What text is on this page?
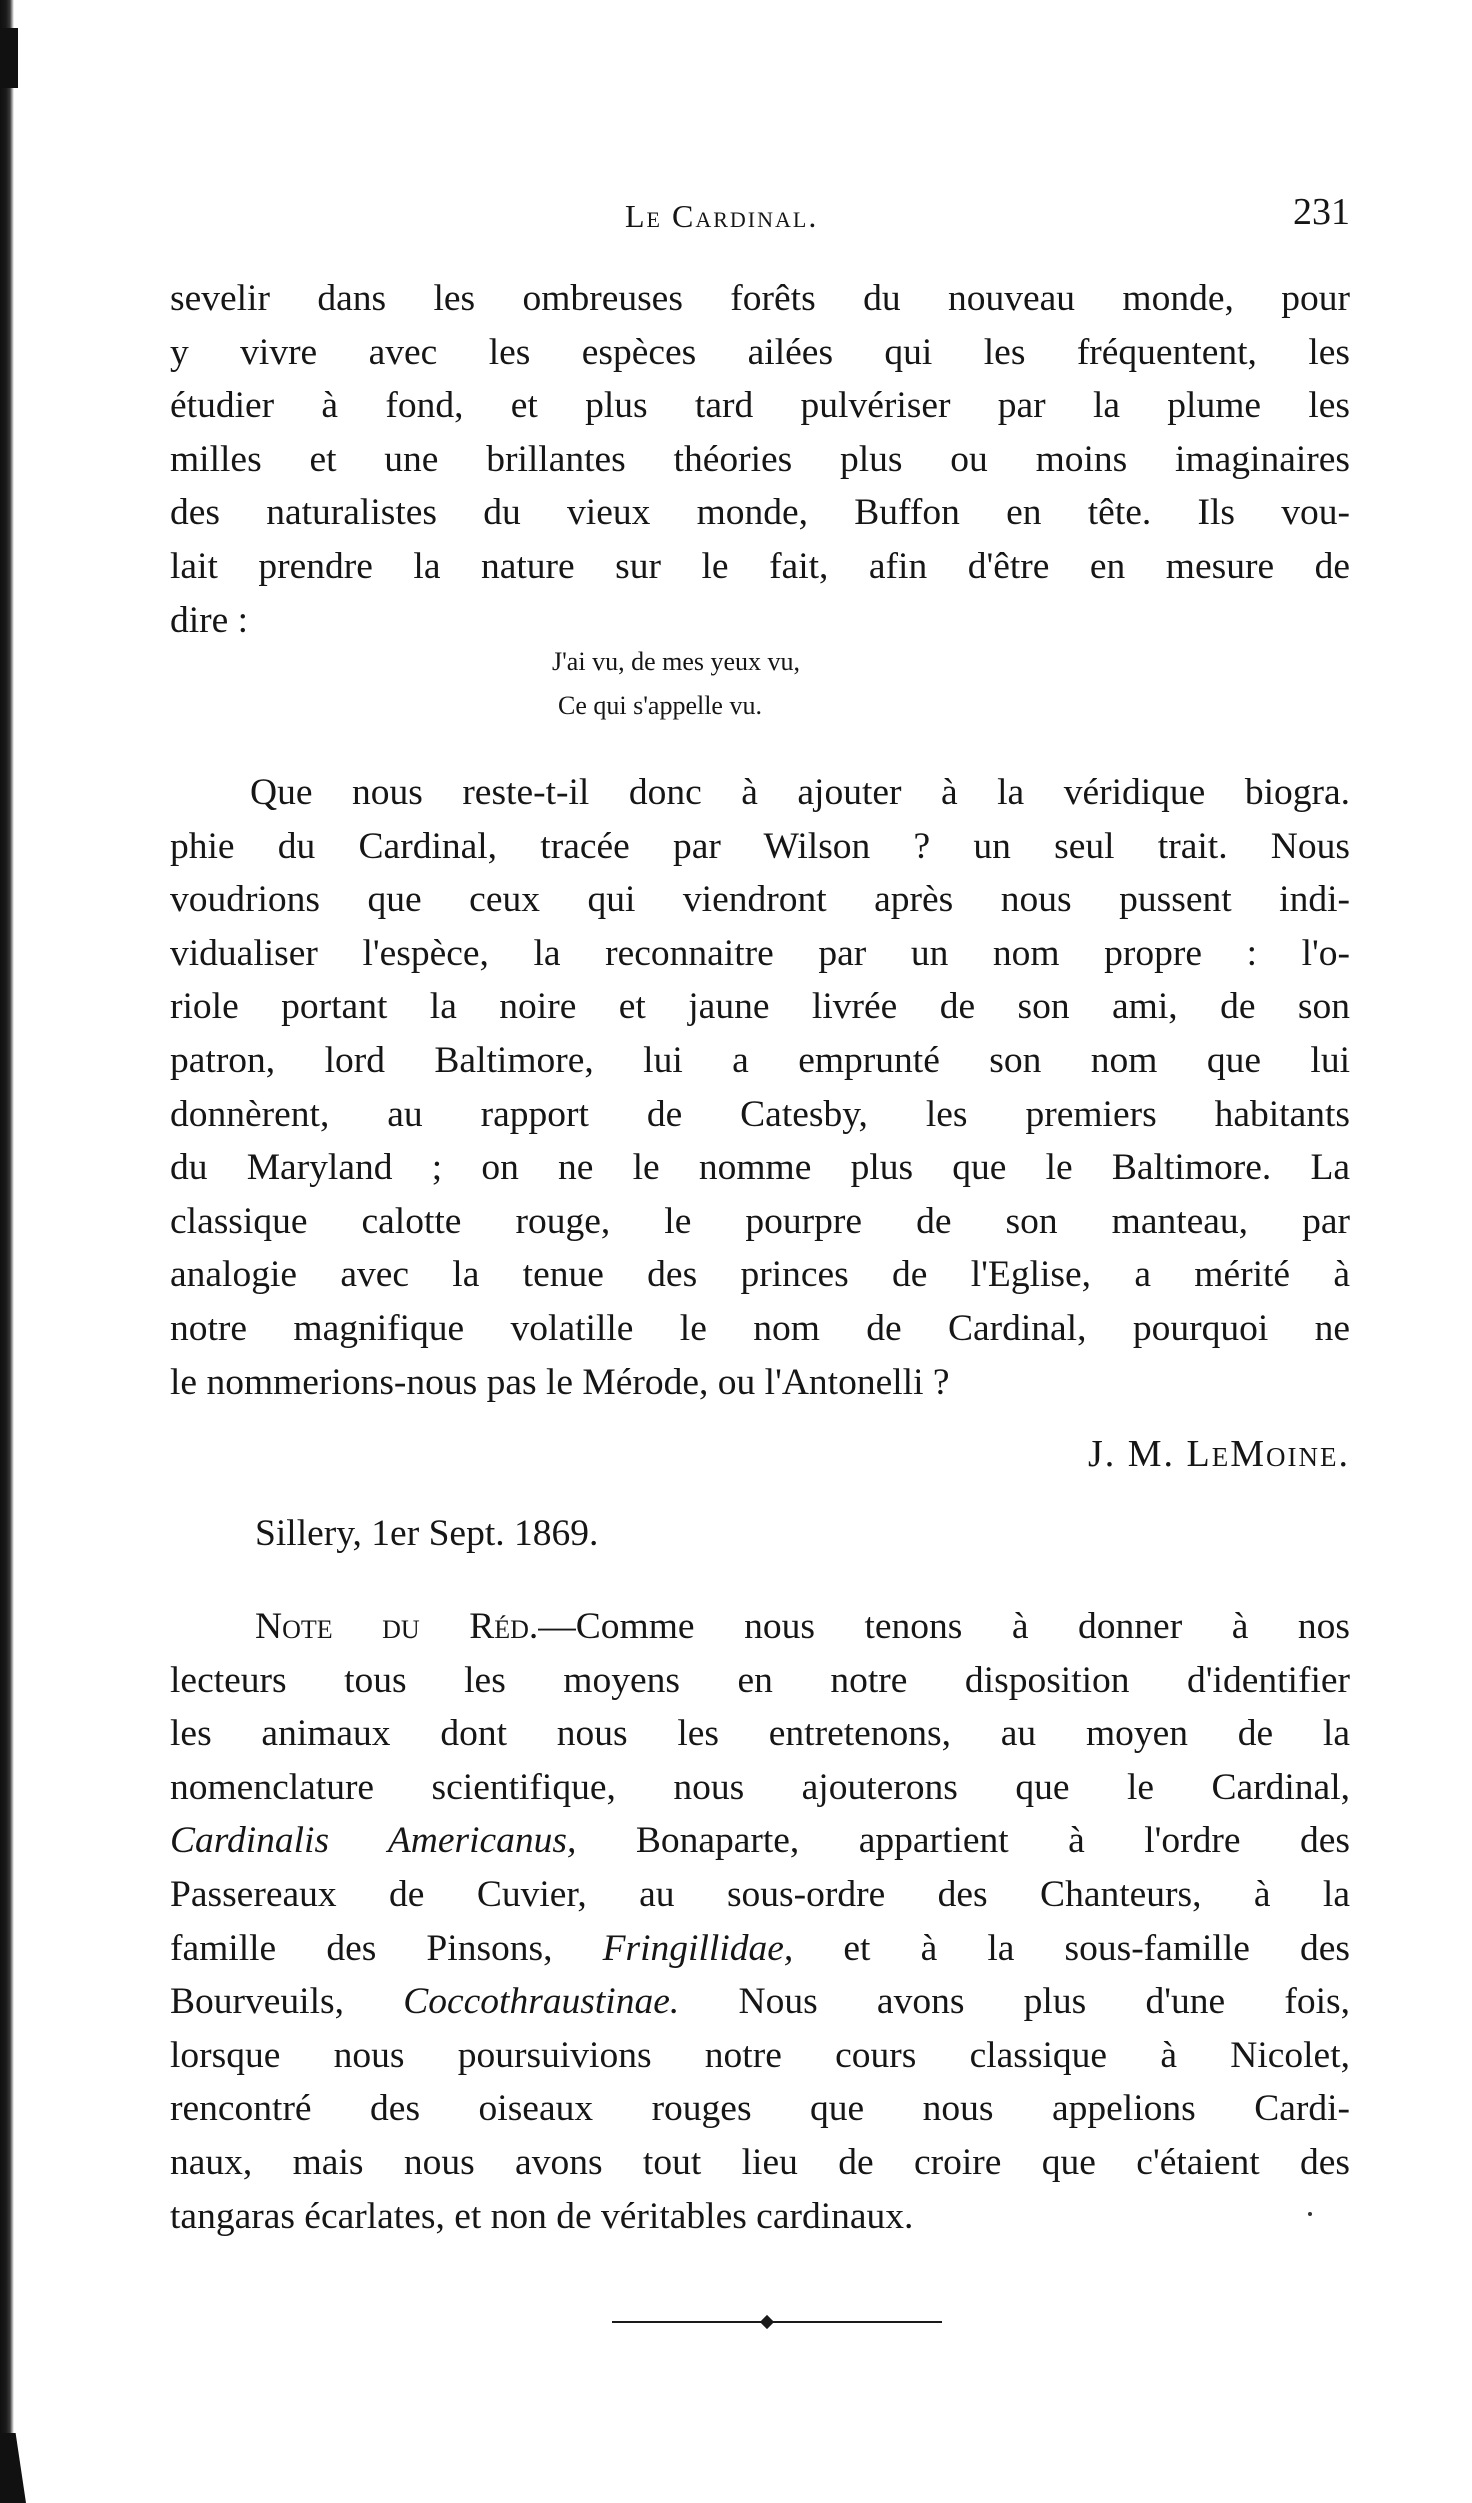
Le Cardinal.	231
sevelir dans les ombreuses forêts du nouveau monde, pour
y vivre avec les espèces ailées qui les fréquentent, les
étudier à fond, et plus tard pulvériser par la plume les
milles et une brillantes théories plus ou moins imaginaires
des naturalistes du vieux monde, Buffon en tête. Ils vou-
lait prendre la nature sur le fait, afin d'être en mesure de
dire :
J'ai vu, de mes yeux vu,
Ce qui s'appelle vu.
Que nous reste-t-il donc à ajouter à la véridique biogra.
phie du Cardinal, tracée par Wilson ? un seul trait. Nous
voudrions que ceux qui viendront après nous pussent indi-
vidualiser l'espèce, la reconnaitre par un nom propre : l'o-
riole portant la noire et jaune livrée de son ami, de son
patron, lord Baltimore, lui a emprunté son nom que lui
donnèrent, au rapport de Catesby, les premiers habitants
du Maryland ; on ne le nomme plus que le Baltimore. La
classique calotte rouge, le pourpre de son manteau, par
analogie avec la tenue des princes de l'Eglise, a mérité à
notre magnifique volatille le nom de Cardinal, pourquoi ne
le nommerions-nous pas le Mérode, ou l'Antonelli ?
J. M. LeMoine.
Sillery, 1er Sept. 1869.
Note du Réd.—Comme nous tenons à donner à nos
lecteurs tous les moyens en notre disposition d'identifier
les animaux dont nous les entretenons, au moyen de la
nomenclature scientifique, nous ajouterons que le Cardinal,
Cardinalis Americanus, Bonaparte, appartient à l'ordre des
Passereaux de Cuvier, au sous-ordre des Chanteurs, à la
famille des Pinsons, Fringillidae, et à la sous-famille des
Bourveuils, Coccothraustinae. Nous avons plus d'une fois,
lorsque nous poursuivions notre cours classique à Nicolet,
rencontré des oiseaux rouges que nous appelions Cardi-
naux, mais nous avons tout lieu de croire que c'étaient des
tangaras écarlates, et non de véritables cardinaux.
